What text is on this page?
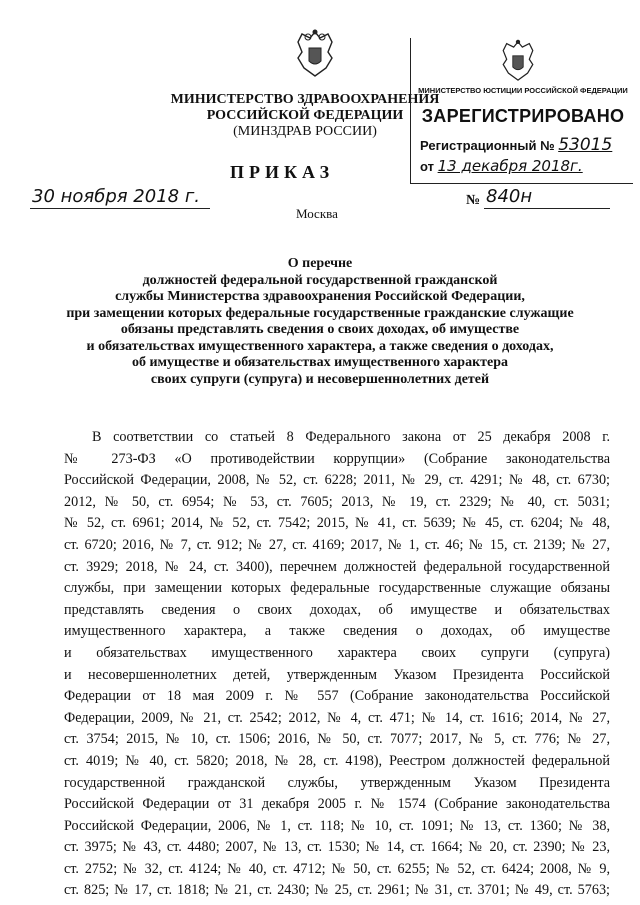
МИНИСТЕРСТВО ЗДРАВООХРАНЕНИЯ
РОССИЙСКОЙ ФЕДЕРАЦИИ
(МИНЗДРАВ РОССИИ)
МИНИСТЕРСТВО ЮСТИЦИИ РОССИЙСКОЙ ФЕДЕРАЦИИ
ЗАРЕГИСТРИРОВАНО
Регистрационный № 53015
от 13 декабря 2018г.
ПРИКАЗ
30 ноября 2018 г.
Москва
№ 840н
О перечне
должностей федеральной государственной гражданской
службы Министерства здравоохранения Российской Федерации,
при замещении которых федеральные государственные гражданские служащие
обязаны представлять сведения о своих доходах, об имуществе
и обязательствах имущественного характера, а также сведения о доходах,
об имуществе и обязательствах имущественного характера
своих супруги (супруга) и несовершеннолетних детей
В соответствии со статьей 8 Федерального закона от 25 декабря 2008 г.
№ 273-ФЗ «О противодействии коррупции» (Собрание законодательства
Российской Федерации, 2008, № 52, ст. 6228; 2011, № 29, ст. 4291; № 48, ст. 6730;
2012, № 50, ст. 6954; № 53, ст. 7605; 2013, № 19, ст. 2329; № 40, ст. 5031;
№ 52, ст. 6961; 2014, № 52, ст. 7542; 2015, № 41, ст. 5639; № 45, ст. 6204; № 48,
ст. 6720; 2016, № 7, ст. 912; № 27, ст. 4169; 2017, № 1, ст. 46; № 15, ст. 2139; № 27,
ст. 3929; 2018, № 24, ст. 3400), перечнем должностей федеральной государственной
службы, при замещении которых федеральные государственные служащие обязаны
представлять сведения о своих доходах, об имуществе и обязательствах
имущественного характера, а также сведения о доходах, об имуществе
и обязательствах имущественного характера своих супруги (супруга)
и несовершеннолетних детей, утвержденным Указом Президента Российской
Федерации от 18 мая 2009 г. № 557 (Собрание законодательства Российской
Федерации, 2009, № 21, ст. 2542; 2012, № 4, ст. 471; № 14, ст. 1616; 2014, № 27,
ст. 3754; 2015, № 10, ст. 1506; 2016, № 50, ст. 7077; 2017, № 5, ст. 776; № 27,
ст. 4019; № 40, ст. 5820; 2018, № 28, ст. 4198), Реестром должностей федеральной
государственной гражданской службы, утвержденным Указом Президента
Российской Федерации от 31 декабря 2005 г. № 1574 (Собрание законодательства
Российской Федерации, 2006, № 1, ст. 118; № 10, ст. 1091; № 13, ст. 1360; № 38,
ст. 3975; № 43, ст. 4480; 2007, № 13, ст. 1530; № 14, ст. 1664; № 20, ст. 2390; № 23,
ст. 2752; № 32, ст. 4124; № 40, ст. 4712; № 50, ст. 6255; № 52, ст. 6424; 2008, № 9,
ст. 825; № 17, ст. 1818; № 21, ст. 2430; № 25, ст. 2961; № 31, ст. 3701; № 49, ст. 5763;
